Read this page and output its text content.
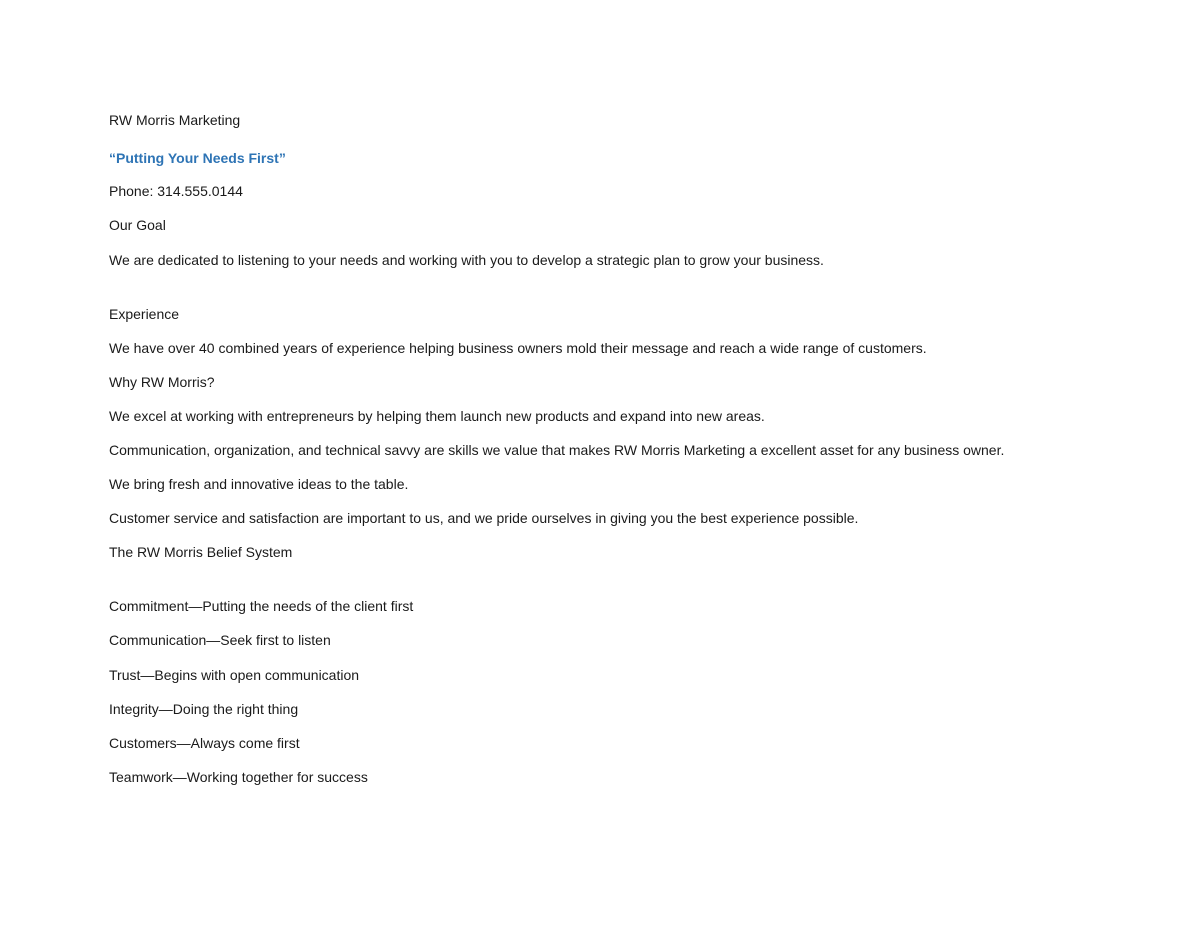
RW Morris Marketing

“Putting Your Needs First”

Phone: 314.555.0144

Our Goal

We are dedicated to listening to your needs and working with you to develop a strategic plan to grow your business.

Experience

We have over 40 combined years of experience helping business owners mold their message and reach a wide range of customers.

Why RW Morris?

We excel at working with entrepreneurs by helping them launch new products and expand into new areas.

Communication, organization, and technical savvy are skills we value that makes RW Morris Marketing a excellent asset for any business owner.

We bring fresh and innovative ideas to the table.

Customer service and satisfaction are important to us, and we pride ourselves in giving you the best experience possible.

The RW Morris Belief System

Commitment—Putting the needs of the client first

Communication—Seek first to listen

Trust—Begins with open communication

Integrity—Doing the right thing

Customers—Always come first

Teamwork—Working together for success
